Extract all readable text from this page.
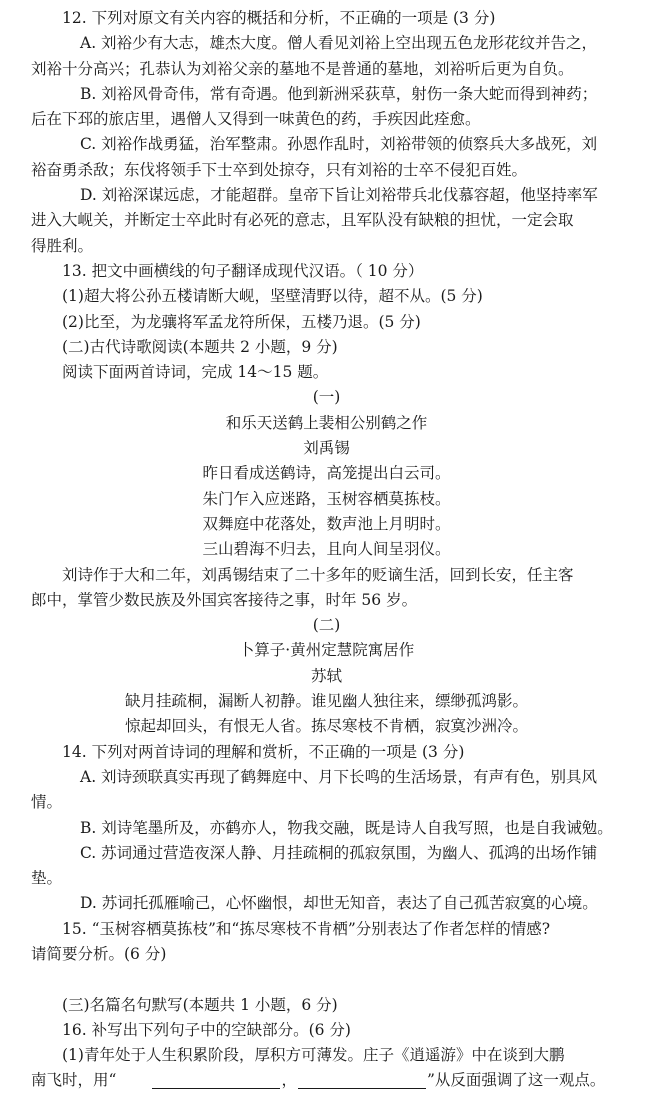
12. 下列对原文有关内容的概括和分析，不正确的一项是 (3 分)
A. 刘裕少有大志，雄杰大度。僧人看见刘裕上空出现五色龙形花纹并告之，
刘裕十分高兴；孔恭认为刘裕父亲的墓地不是普通的墓地，刘裕听后更为自负。
B. 刘裕风骨奇伟，常有奇遇。他到新洲采荻草，射伤一条大蛇而得到神药；
后在下邳的旅店里，遇僧人又得到一味黄色的药，手疾因此痊愈。
C. 刘裕作战勇猛，治军整肃。孙恩作乱时，刘裕带领的侦察兵大多战死，刘
裕奋勇杀敌；东伐将领手下士卒到处掠夺，只有刘裕的士卒不侵犯百姓。
D. 刘裕深谋远虑，才能超群。皇帝下旨让刘裕带兵北伐慕容超，他坚持率军
进入大岘关，并断定士卒此时有必死的意志，且军队没有缺粮的担忧，一定会取
得胜利。
13. 把文中画横线的句子翻译成现代汉语。（ 10 分）
(1)超大将公孙五楼请断大岘，坚壁清野以待，超不从。(5 分)
(2)比至，为龙骧将军孟龙符所保，五楼乃退。(5 分)
(二)古代诗歌阅读(本题共 2 小题，9 分)
阅读下面两首诗词，完成 14～15 题。
(一)
和乐天送鹤上裴相公别鹤之作
刘禹锡
昨日看成送鹤诗，高笼提出白云司。
朱门乍入应迷路，玉树容栖莫拣枝。
双舞庭中花落处，数声池上月明时。
三山碧海不归去，且向人间呈羽仪。
刘诗作于大和二年，刘禹锡结束了二十多年的贬谪生活，回到长安，任主客
郎中，掌管少数民族及外国宾客接待之事，时年 56 岁。
(二)
卜算子·黄州定慧院寓居作
苏轼
缺月挂疏桐，漏断人初静。谁见幽人独往来，缥缈孤鸿影。
惊起却回头，有恨无人省。拣尽寒枝不肯栖，寂寞沙洲冷。
14. 下列对两首诗词的理解和赏析，不正确的一项是 (3 分)
A. 刘诗颈联真实再现了鹤舞庭中、月下长鸣的生活场景，有声有色，别具风
情。
B. 刘诗笔墨所及，亦鹤亦人，物我交融，既是诗人自我写照，也是自我诫勉。
C. 苏词通过营造夜深人静、月挂疏桐的孤寂氛围，为幽人、孤鸿的出场作铺
垫。
D. 苏词托孤雁喻己，心怀幽恨，却世无知音，表达了自己孤苦寂寞的心境。
15. “玉树容栖莫拣枝”和“拣尽寒枝不肯栖”分别表达了作者怎样的情感?
请简要分析。(6 分)
(三)名篇名句默写(本题共 1 小题，6 分)
16. 补写出下列句子中的空缺部分。(6 分)
(1)青年处于人生积累阶段，厚积方可薄发。庄子《逍遥游》中在谈到大鹏
南飞时，用“	，	”从反面强调了这一观点。
